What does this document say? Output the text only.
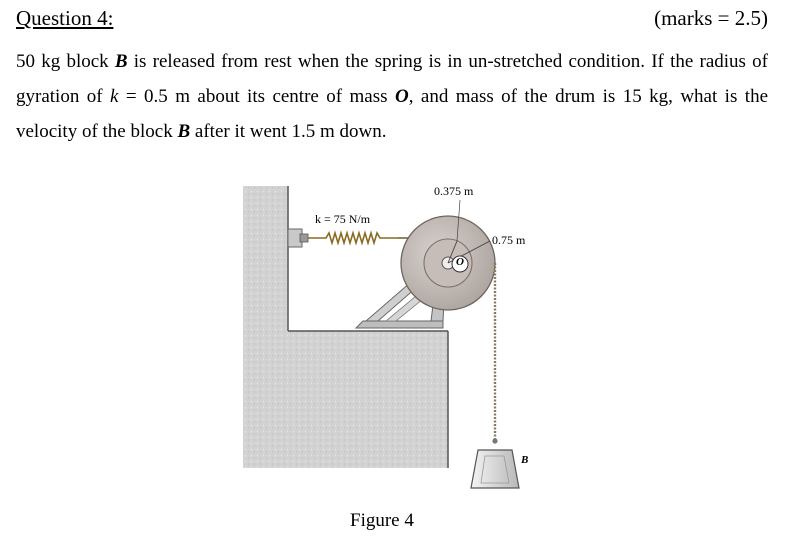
Question 4:	(marks = 2.5)
50 kg block B is released from rest when the spring is in un-stretched condition. If the radius of gyration of k = 0.5 m about its centre of mass O, and mass of the drum is 15 kg, what is the velocity of the block B after it went 1.5 m down.
0.375 m
k = 75 N/m
0.75 m
O
B
Figure 4
